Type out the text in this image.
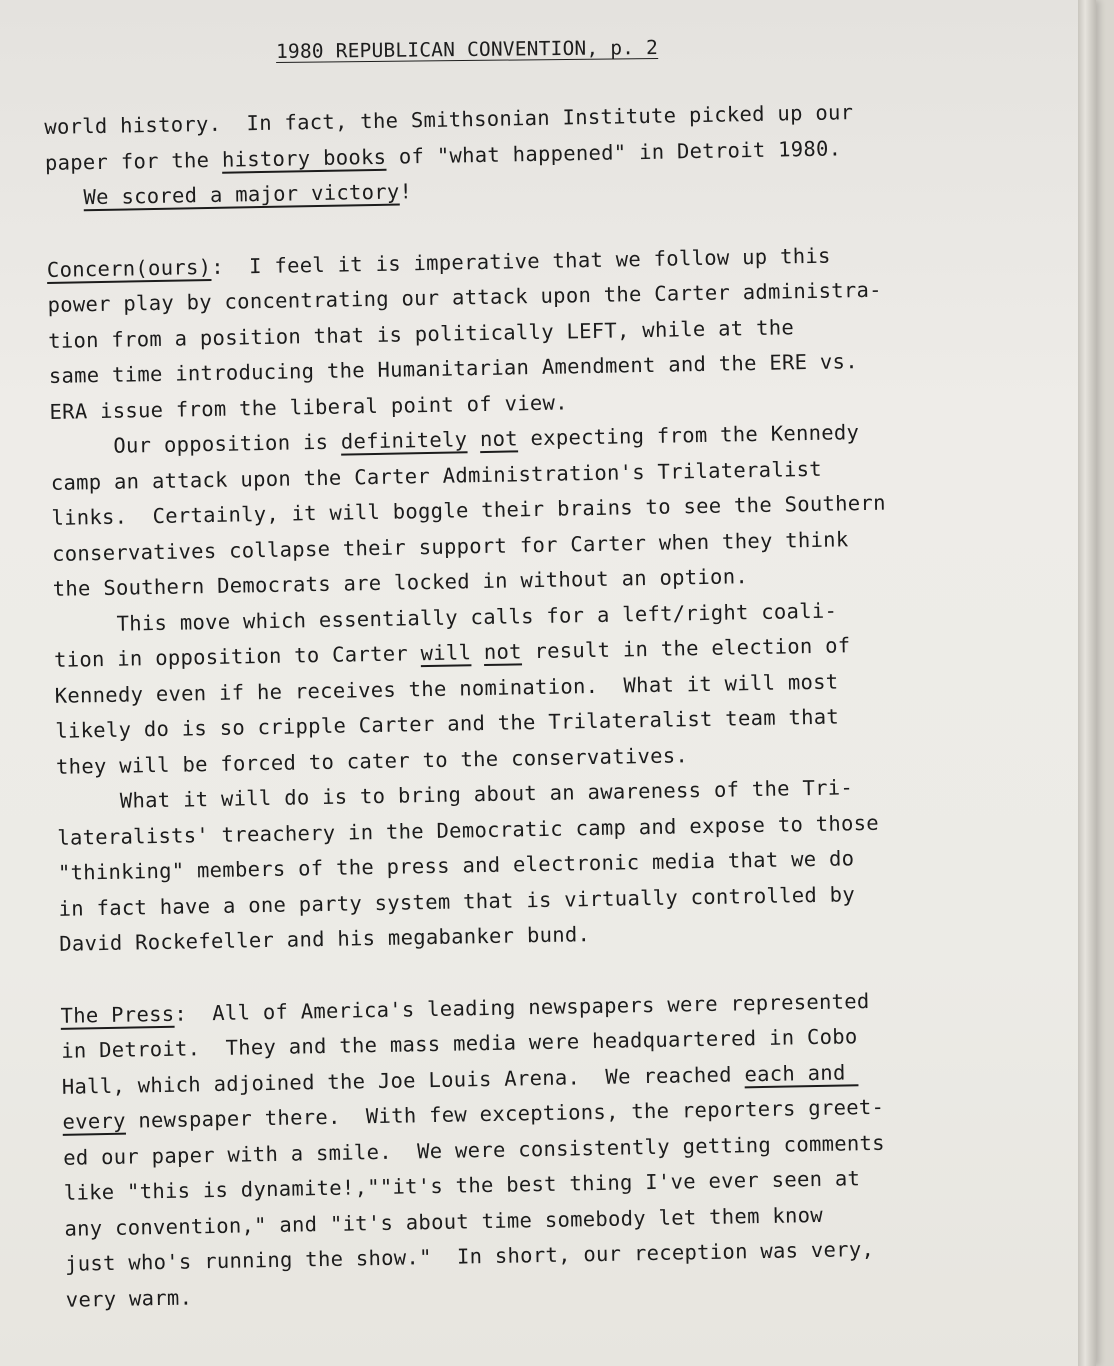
1980 REPUBLICAN CONVENTION, p. 2
world history.  In fact, the Smithsonian Institute picked up our
paper for the history books of "what happened" in Detroit 1980.
We scored a major victory!
Concern(ours):  I feel it is imperative that we follow up this
power play by concentrating our attack upon the Carter administra-
tion from a position that is politically LEFT, while at the
same time introducing the Humanitarian Amendment and the ERE vs.
ERA issue from the liberal point of view.
Our opposition is definitely not expecting from the Kennedy
camp an attack upon the Carter Administration's Trilateralist
links.  Certainly, it will boggle their brains to see the Southern
conservatives collapse their support for Carter when they think
the Southern Democrats are locked in without an option.
This move which essentially calls for a left/right coali-
tion in opposition to Carter will not result in the election of
Kennedy even if he receives the nomination.  What it will most
likely do is so cripple Carter and the Trilateralist team that
they will be forced to cater to the conservatives.
What it will do is to bring about an awareness of the Tri-
lateralists' treachery in the Democratic camp and expose to those
"thinking" members of the press and electronic media that we do
in fact have a one party system that is virtually controlled by
David Rockefeller and his megabanker bund.
The Press:  All of America's leading newspapers were represented
in Detroit.  They and the mass media were headquartered in Cobo
Hall, which adjoined the Joe Louis Arena.  We reached each and
every newspaper there.  With few exceptions, the reporters greet-
ed our paper with a smile.  We were consistently getting comments
like "this is dynamite!,""it's the best thing I've ever seen at
any convention," and "it's about time somebody let them know
just who's running the show."  In short, our reception was very,
very warm.
